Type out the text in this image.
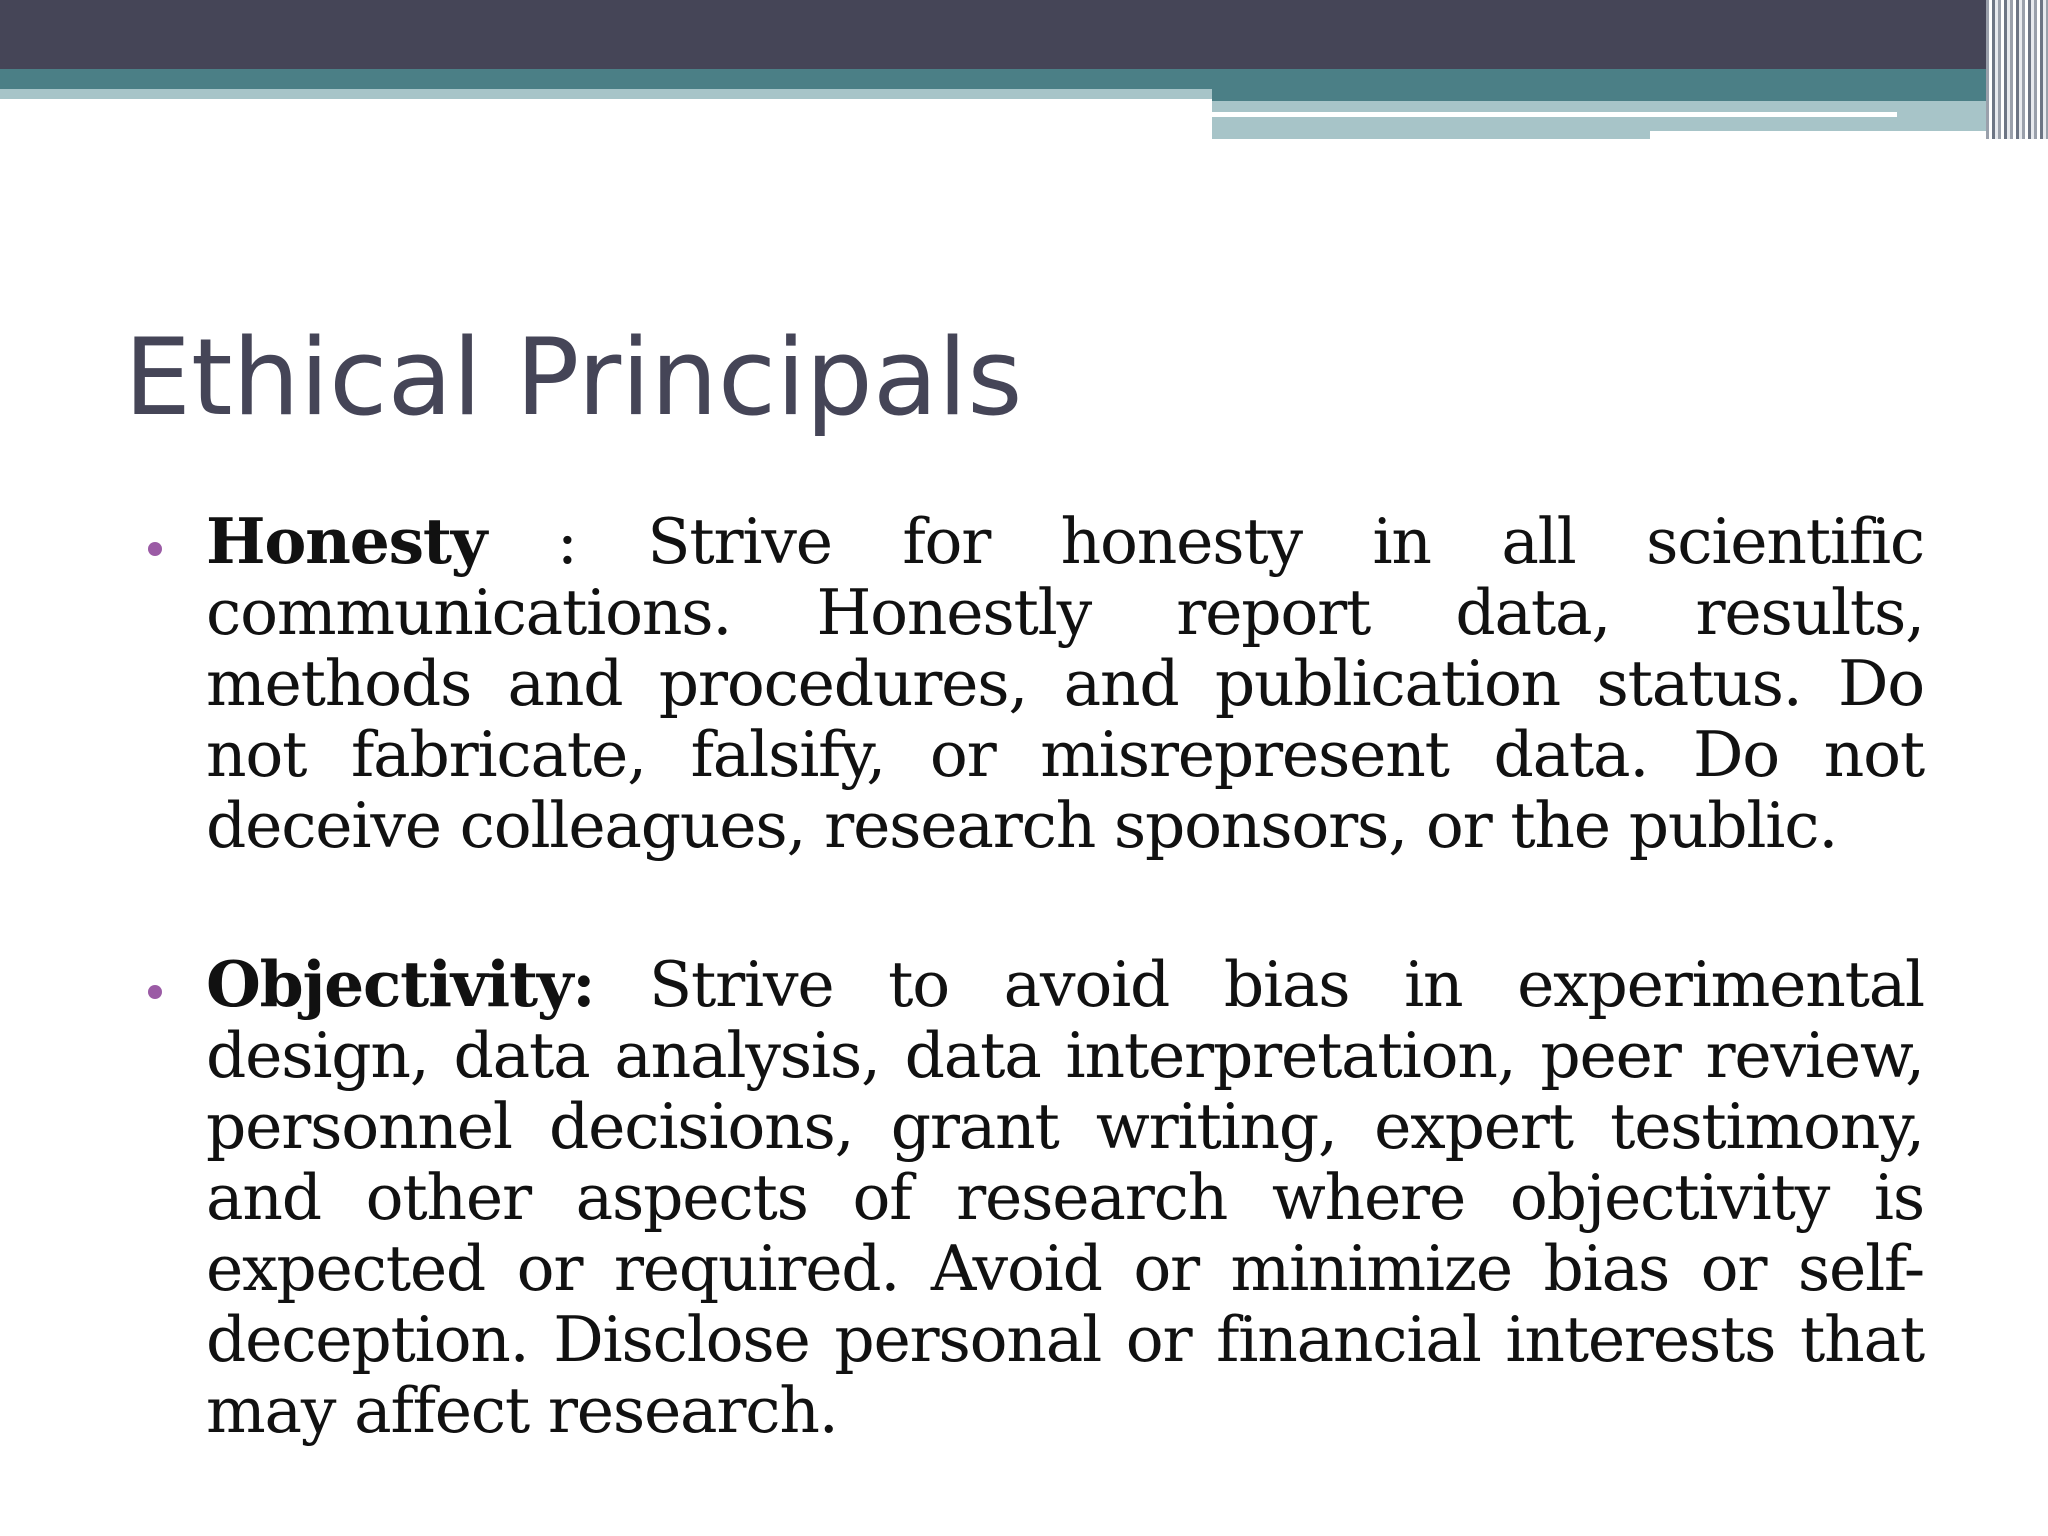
Ethical Principals

Honesty : Strive for honesty in all scientific communications. Honestly report data, results, methods and procedures, and publication status. Do not fabricate, falsify, or misrepresent data. Do not deceive colleagues, research sponsors, or the public.

Objectivity: Strive to avoid bias in experimental design, data analysis, data interpretation, peer review, personnel decisions, grant writing, expert testimony, and other aspects of research where objectivity is expected or required. Avoid or minimize bias or self-deception. Disclose personal or financial interests that may affect research.
